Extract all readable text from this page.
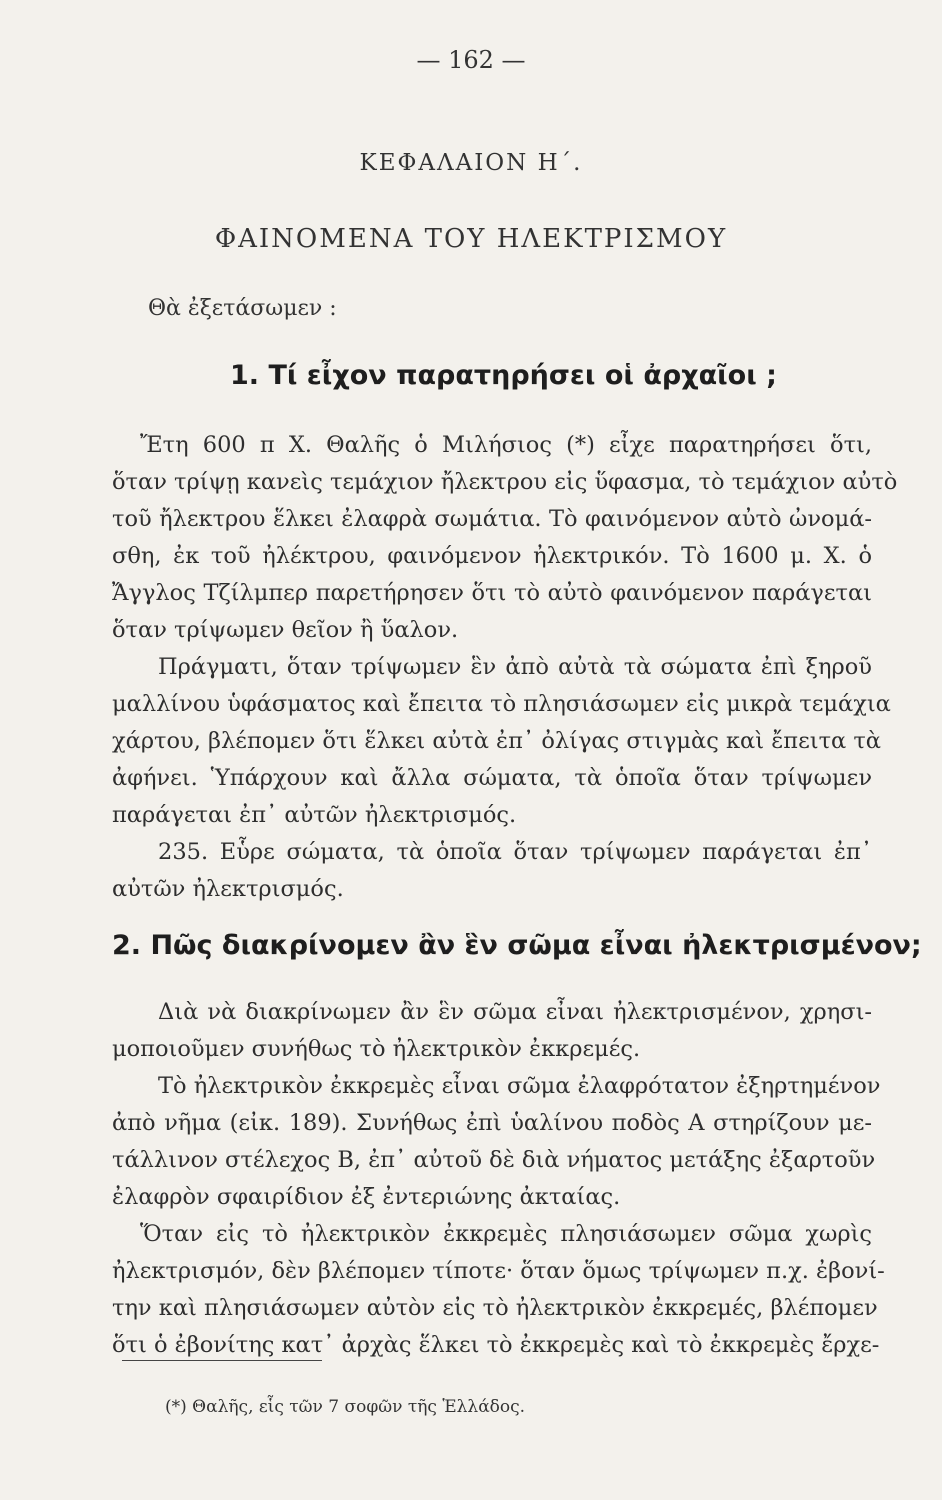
— 162 —
ΚΕΦΑΛΑΙΟΝ Η΄.
ΦΑΙΝΟΜΕΝΑ ΤΟΥ ΗΛΕΚΤΡΙΣΜΟΥ
Θὰ ἐξετάσωμεν :
1. Τί εἶχον παρατηρήσει οἱ ἀρχαῖοι ;
Ἔτη 600 π Χ. Θαλῆς ὁ Μιλήσιος (*) εἶχε παρατηρήσει ὅτι,
ὅταν τρίψῃ κανεὶς τεμάχιον ἤλεκτρου εἰς ὕφασμα, τὸ τεμάχιον αὐτὸ
τοῦ ἤλεκτρου ἕλκει ἐλαφρὰ σωμάτια. Τὸ φαινόμενον αὐτὸ ὠνομά-
σθη, ἐκ τοῦ ἠλέκτρου, φαινόμενον ἠλεκτρικόν. Τὸ 1600 μ. Χ. ὁ
Ἄγγλος Τζίλμπερ παρετήρησεν ὅτι τὸ αὐτὸ φαινόμενον παράγεται
ὅταν τρίψωμεν θεῖον ἢ ὕαλον.
Πράγματι, ὅταν τρίψωμεν ἓν ἀπὸ αὐτὰ τὰ σώματα ἐπὶ ξηροῦ
μαλλίνου ὑφάσματος καὶ ἔπειτα τὸ πλησιάσωμεν εἰς μικρὰ τεμάχια
χάρτου, βλέπομεν ὅτι ἕλκει αὐτὰ ἐπ᾽ ὀλίγας στιγμὰς καὶ ἔπειτα τὰ
ἀφήνει. Ὑπάρχουν καὶ ἄλλα σώματα, τὰ ὁποῖα ὅταν τρίψωμεν
παράγεται ἐπ᾽ αὐτῶν ἠλεκτρισμός.
235. Εὗρε σώματα, τὰ ὁποῖα ὅταν τρίψωμεν παράγεται ἐπ᾽
αὐτῶν ἠλεκτρισμός.
2. Πῶς διακρίνομεν ἂν ἓν σῶμα εἶναι ἠλεκτρισμένον;
Διὰ νὰ διακρίνωμεν ἂν ἓν σῶμα εἶναι ἠλεκτρισμένον, χρησι-
μοποιοῦμεν συνήθως τὸ ἠλεκτρικὸν ἐκκρεμές.
Τὸ ἠλεκτρικὸν ἐκκρεμὲς εἶναι σῶμα ἐλαφρότατον ἐξηρτημένον
ἀπὸ νῆμα (εἰκ. 189). Συνήθως ἐπὶ ὑαλίνου ποδὸς Α στηρίζουν με-
τάλλινον στέλεχος Β, ἐπ᾽ αὐτοῦ δὲ διὰ νήματος μετάξης ἐξαρτοῦν
ἐλαφρὸν σφαιρίδιον ἐξ ἐντεριώνης ἀκταίας.
Ὅταν εἰς τὸ ἠλεκτρικὸν ἐκκρεμὲς πλησιάσωμεν σῶμα χωρὶς
ἠλεκτρισμόν, δὲν βλέπομεν τίποτε· ὅταν ὅμως τρίψωμεν π.χ. ἐβονί-
την καὶ πλησιάσωμεν αὐτὸν εἰς τὸ ἠλεκτρικὸν ἐκκρεμές, βλέπομεν
ὅτι ὁ ἐβονίτης κατ᾽ ἀρχὰς ἕλκει τὸ ἐκκρεμὲς καὶ τὸ ἐκκρεμὲς ἔρχε-
(*) Θαλῆς, εἷς τῶν 7 σοφῶν τῆς Ἑλλάδος.
